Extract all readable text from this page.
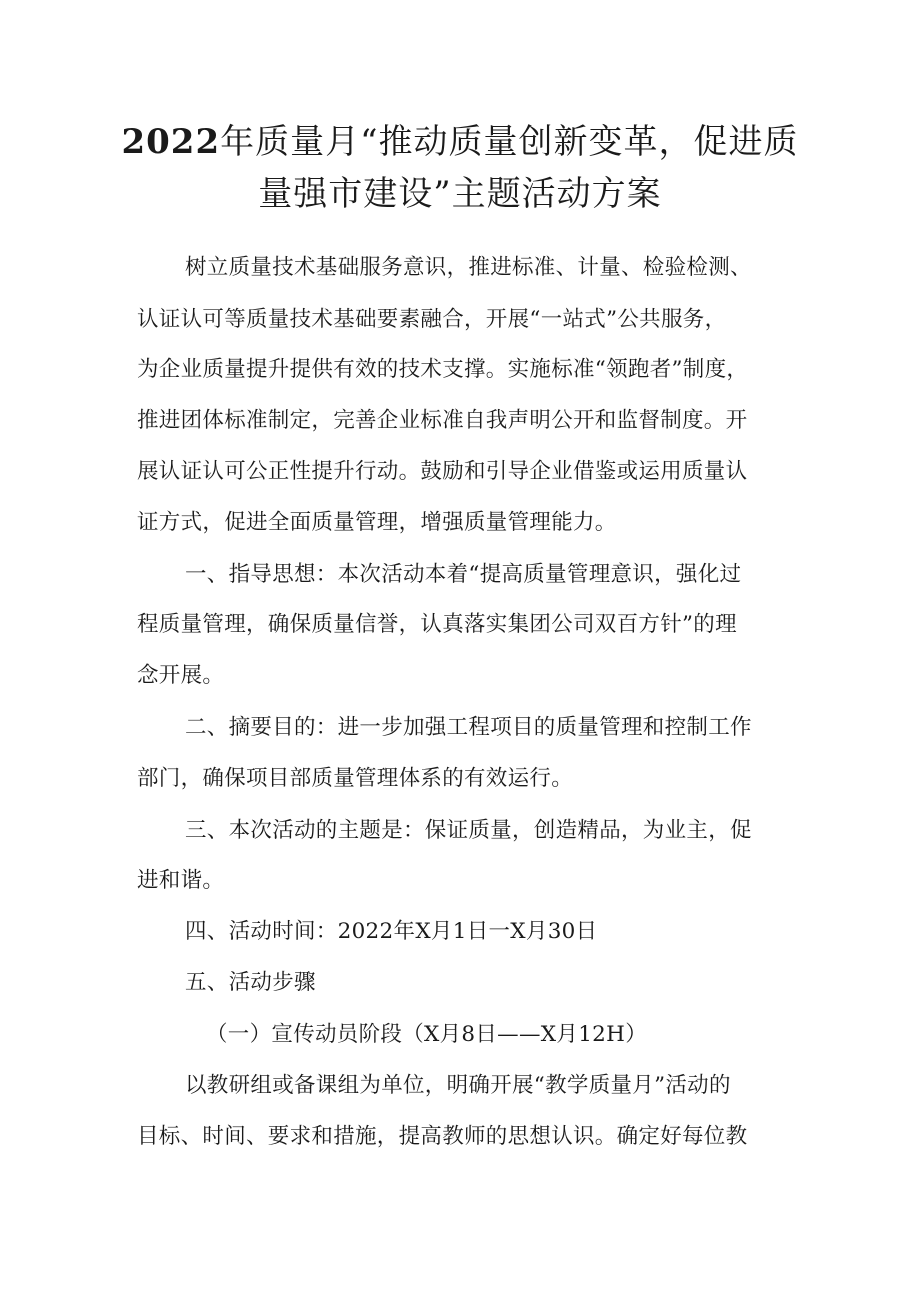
2022年质量月“推动质量创新变革，促进质
量强市建设”主题活动方案
树立质量技术基础服务意识，推进标准、计量、检验检测、
认证认可等质量技术基础要素融合，开展“一站式”公共服务，
为企业质量提升提供有效的技术支撑。实施标准“领跑者”制度，
推进团体标准制定，完善企业标准自我声明公开和监督制度。开
展认证认可公正性提升行动。鼓励和引导企业借鉴或运用质量认
证方式，促进全面质量管理，增强质量管理能力。
一、指导思想：本次活动本着“提高质量管理意识，强化过
程质量管理，确保质量信誉，认真落实集团公司双百方针”的理
念开展。
二、摘要目的：进一步加强工程项目的质量管理和控制工作
部门，确保项目部质量管理体系的有效运行。
三、本次活动的主题是：保证质量，创造精品，为业主，促
进和谐。
四、活动时间：2022年X月1日一X月30日
五、活动步骤
（一）宣传动员阶段（X月8日——X月12H）
以教研组或备课组为单位，明确开展“教学质量月”活动的
目标、时间、要求和措施，提高教师的思想认识。确定好每位教
